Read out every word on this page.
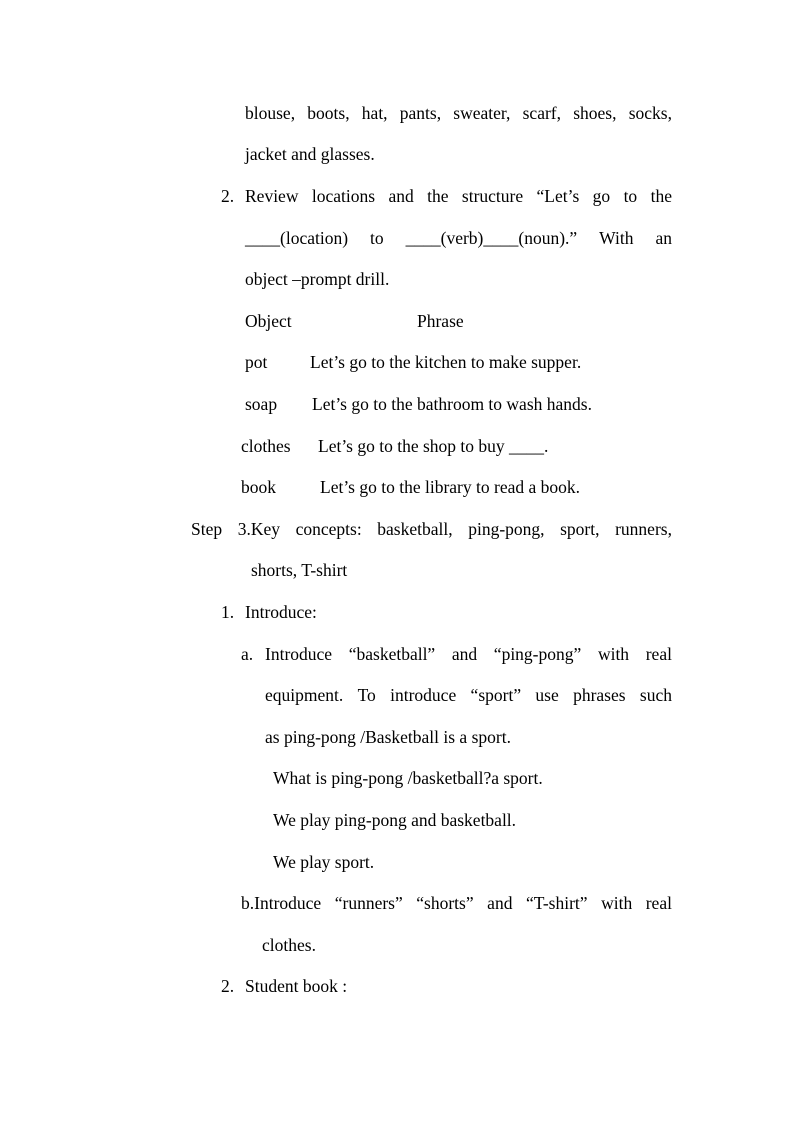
blouse, boots, hat, pants, sweater, scarf, shoes, socks,
jacket and glasses.
2. Review locations and the structure “Let’s go to the
____(location) to ____(verb)____(noun).” With an
object –prompt drill.
Object	Phrase
pot Let’s go to the kitchen to make supper.
soap Let’s go to the bathroom to wash hands.
clothes Let’s go to the shop to buy ____.
book	Let’s go to the library to read a book.
Step 3.Key concepts: basketball, ping-pong, sport, runners,
shorts, T-shirt
1. Introduce:
a. Introduce “basketball” and “ping-pong” with real
equipment. To introduce “sport” use phrases such
as ping-pong /Basketball is a sport.
What is ping-pong /basketball?a sport.
We play ping-pong and basketball.
We play sport.
b.Introduce “runners” “shorts” and “T-shirt” with real
clothes.
2. Student book :
